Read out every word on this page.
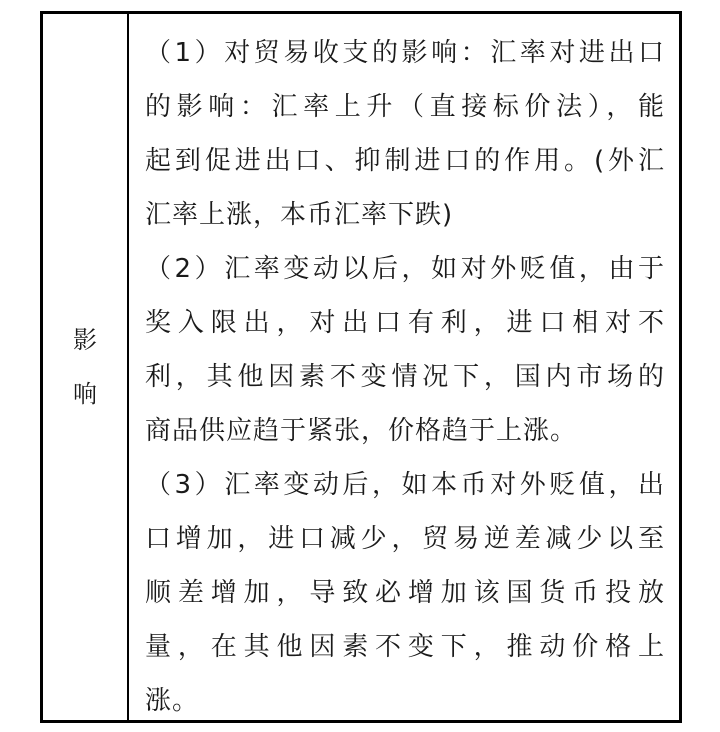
影
响
（1）对贸易收支的影响：汇率对进出口
的影响：汇率上升（直接标价法），能
起到促进出口、抑制进口的作用。(外汇
汇率上涨，本币汇率下跌)
（2）汇率变动以后，如对外贬值，由于
奖入限出，对出口有利，进口相对不
利，其他因素不变情况下，国内市场的
商品供应趋于紧张，价格趋于上涨。
（3）汇率变动后，如本币对外贬值，出
口增加，进口减少，贸易逆差减少以至
顺差增加，导致必增加该国货币投放
量，在其他因素不变下，推动价格上
涨。
